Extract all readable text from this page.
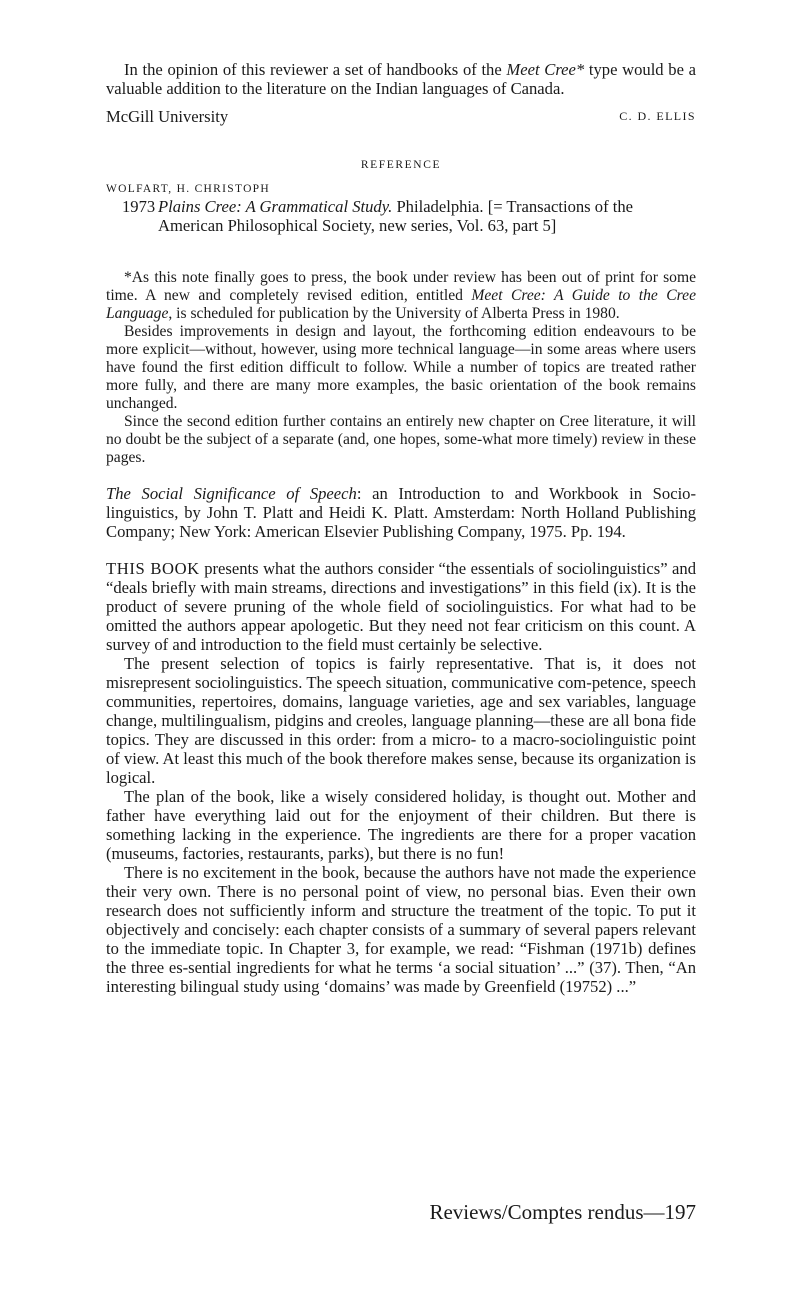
In the opinion of this reviewer a set of handbooks of the Meet Cree* type would be a valuable addition to the literature on the Indian languages of Canada.

McGill University	C. D. ELLIS
REFERENCE
WOLFART, H. CHRISTOPH
1973 Plains Cree: A Grammatical Study. Philadelphia. [= Transactions of the American Philosophical Society, new series, Vol. 63, part 5]

*As this note finally goes to press, the book under review has been out of print for some time. A new and completely revised edition, entitled Meet Cree: A Guide to the Cree Language, is scheduled for publication by the University of Alberta Press in 1980.

Besides improvements in design and layout, the forthcoming edition endeavours to be more explicit—without, however, using more technical language—in some areas where users have found the first edition difficult to follow. While a number of topics are treated rather more fully, and there are many more examples, the basic orientation of the book remains unchanged.

Since the second edition further contains an entirely new chapter on Cree literature, it will no doubt be the subject of a separate (and, one hopes, some-what more timely) review in these pages.

The Social Significance of Speech: an Introduction to and Workbook in Socio-linguistics, by John T. Platt and Heidi K. Platt. Amsterdam: North Holland Publishing Company; New York: American Elsevier Publishing Company, 1975. Pp. 194.

THIS BOOK presents what the authors consider “the essentials of sociolinguistics” and “deals briefly with main streams, directions and investigations” in this field (ix). It is the product of severe pruning of the whole field of sociolinguistics. For what had to be omitted the authors appear apologetic. But they need not fear criticism on this count. A survey of and introduction to the field must certainly be selective.

The present selection of topics is fairly representative. That is, it does not misrepresent sociolinguistics. The speech situation, communicative com-petence, speech communities, repertoires, domains, language varieties, age and sex variables, language change, multilingualism, pidgins and creoles, language planning—these are all bona fide topics. They are discussed in this order: from a micro- to a macro-sociolinguistic point of view. At least this much of the book therefore makes sense, because its organization is logical.

The plan of the book, like a wisely considered holiday, is thought out. Mother and father have everything laid out for the enjoyment of their children. But there is something lacking in the experience. The ingredients are there for a proper vacation (museums, factories, restaurants, parks), but there is no fun!

There is no excitement in the book, because the authors have not made the experience their very own. There is no personal point of view, no personal bias. Even their own research does not sufficiently inform and structure the treatment of the topic. To put it objectively and concisely: each chapter consists of a summary of several papers relevant to the immediate topic. In Chapter 3, for example, we read: “Fishman (1971b) defines the three es-sential ingredients for what he terms ‘a social situation’ ...” (37). Then, “An interesting bilingual study using ‘domains’ was made by Greenfield (19752) ...”

Reviews/Comptes rendus—197
